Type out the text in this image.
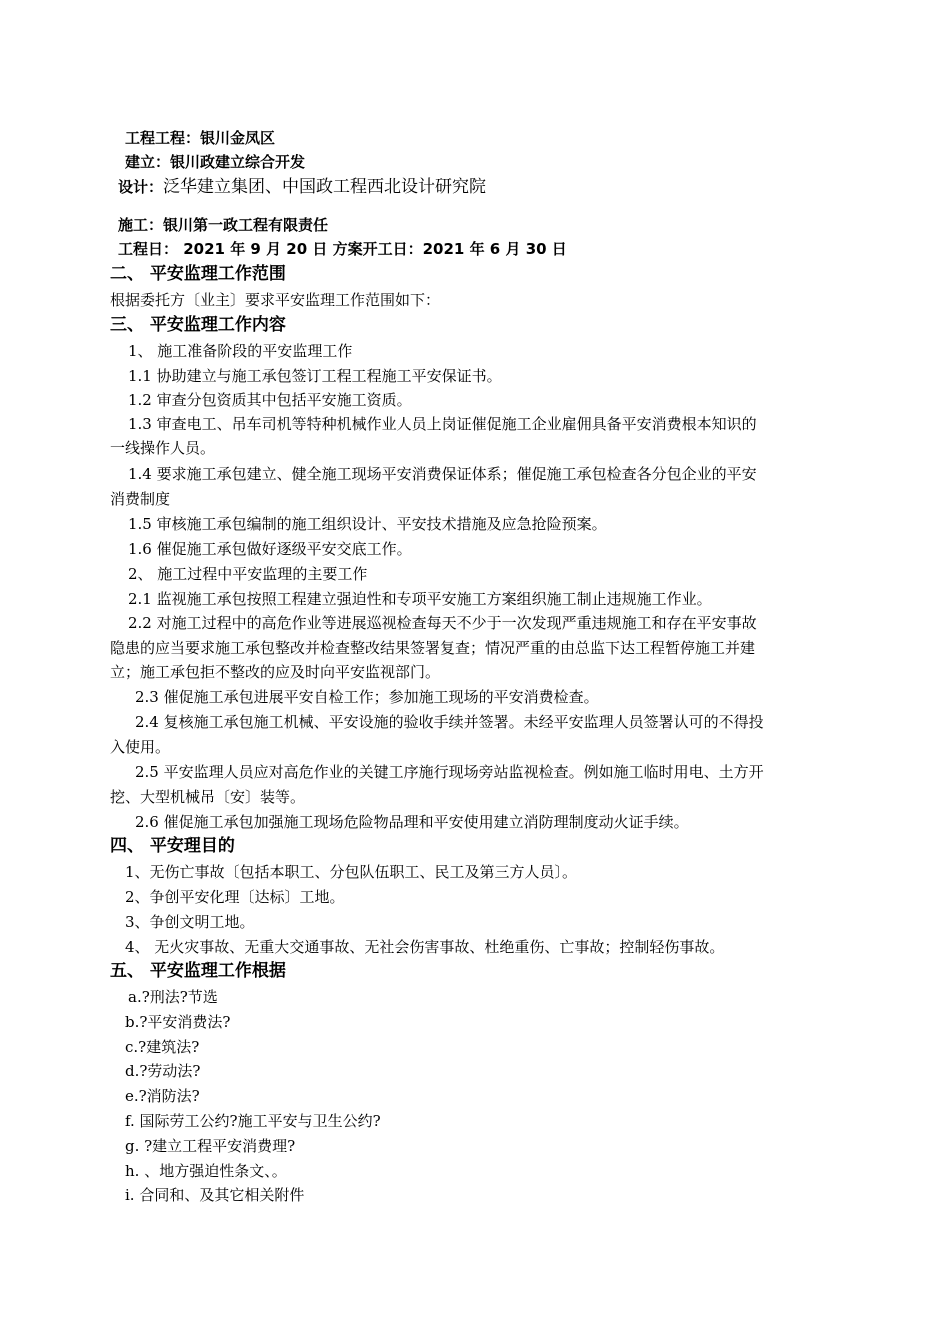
工程工程：银川金凤区
建立：银川政建立综合开发
设计：泛华建立集团、中国政工程西北设计研究院
施工：银川第一政工程有限责任
工程日： 2021 年 9 月 20 日 方案开工日：2021 年 6 月 30 日
二、 平安监理工作范围
根据委托方〔业主〕要求平安监理工作范围如下：
三、 平安监理工作内容
1、 施工准备阶段的平安监理工作
1.1 协助建立与施工承包签订工程工程施工平安保证书。
1.2 审查分包资质其中包括平安施工资质。
1.3 审查电工、吊车司机等特种机械作业人员上岗证催促施工企业雇佣具备平安消费根本知识的
一线操作人员。
1.4 要求施工承包建立、健全施工现场平安消费保证体系；催促施工承包检查各分包企业的平安
消费制度
1.5 审核施工承包编制的施工组织设计、平安技术措施及应急抢险预案。
1.6 催促施工承包做好逐级平安交底工作。
2、 施工过程中平安监理的主要工作
2.1 监视施工承包按照工程建立强迫性和专项平安施工方案组织施工制止违规施工作业。
2.2 对施工过程中的高危作业等进展巡视检查每天不少于一次发现严重违规施工和存在平安事故
隐患的应当要求施工承包整改并检查整改结果签署复查；情况严重的由总监下达工程暂停施工并建
立；施工承包拒不整改的应及时向平安监视部门。
2.3 催促施工承包进展平安自检工作；参加施工现场的平安消费检查。
2.4 复核施工承包施工机械、平安设施的验收手续并签署。未经平安监理人员签署认可的不得投
入使用。
2.5 平安监理人员应对高危作业的关键工序施行现场旁站监视检查。例如施工临时用电、土方开
挖、大型机械吊〔安〕装等。
2.6 催促施工承包加强施工现场危险物品理和平安使用建立消防理制度动火证手续。
四、 平安理目的
1、无伤亡事故〔包括本职工、分包队伍职工、民工及第三方人员〕。
2、争创平安化理〔达标〕工地。
3、争创文明工地。
4、 无火灾事故、无重大交通事故、无社会伤害事故、杜绝重伤、亡事故；控制轻伤事故。
五、 平安监理工作根据
a.?刑法?节选
b.?平安消费法?
c.?建筑法?
d.?劳动法?
e.?消防法?
f. 国际劳工公约?施工平安与卫生公约?
g. ?建立工程平安消费理?
h. 、地方强迫性条文、。
i. 合同和、及其它相关附件
